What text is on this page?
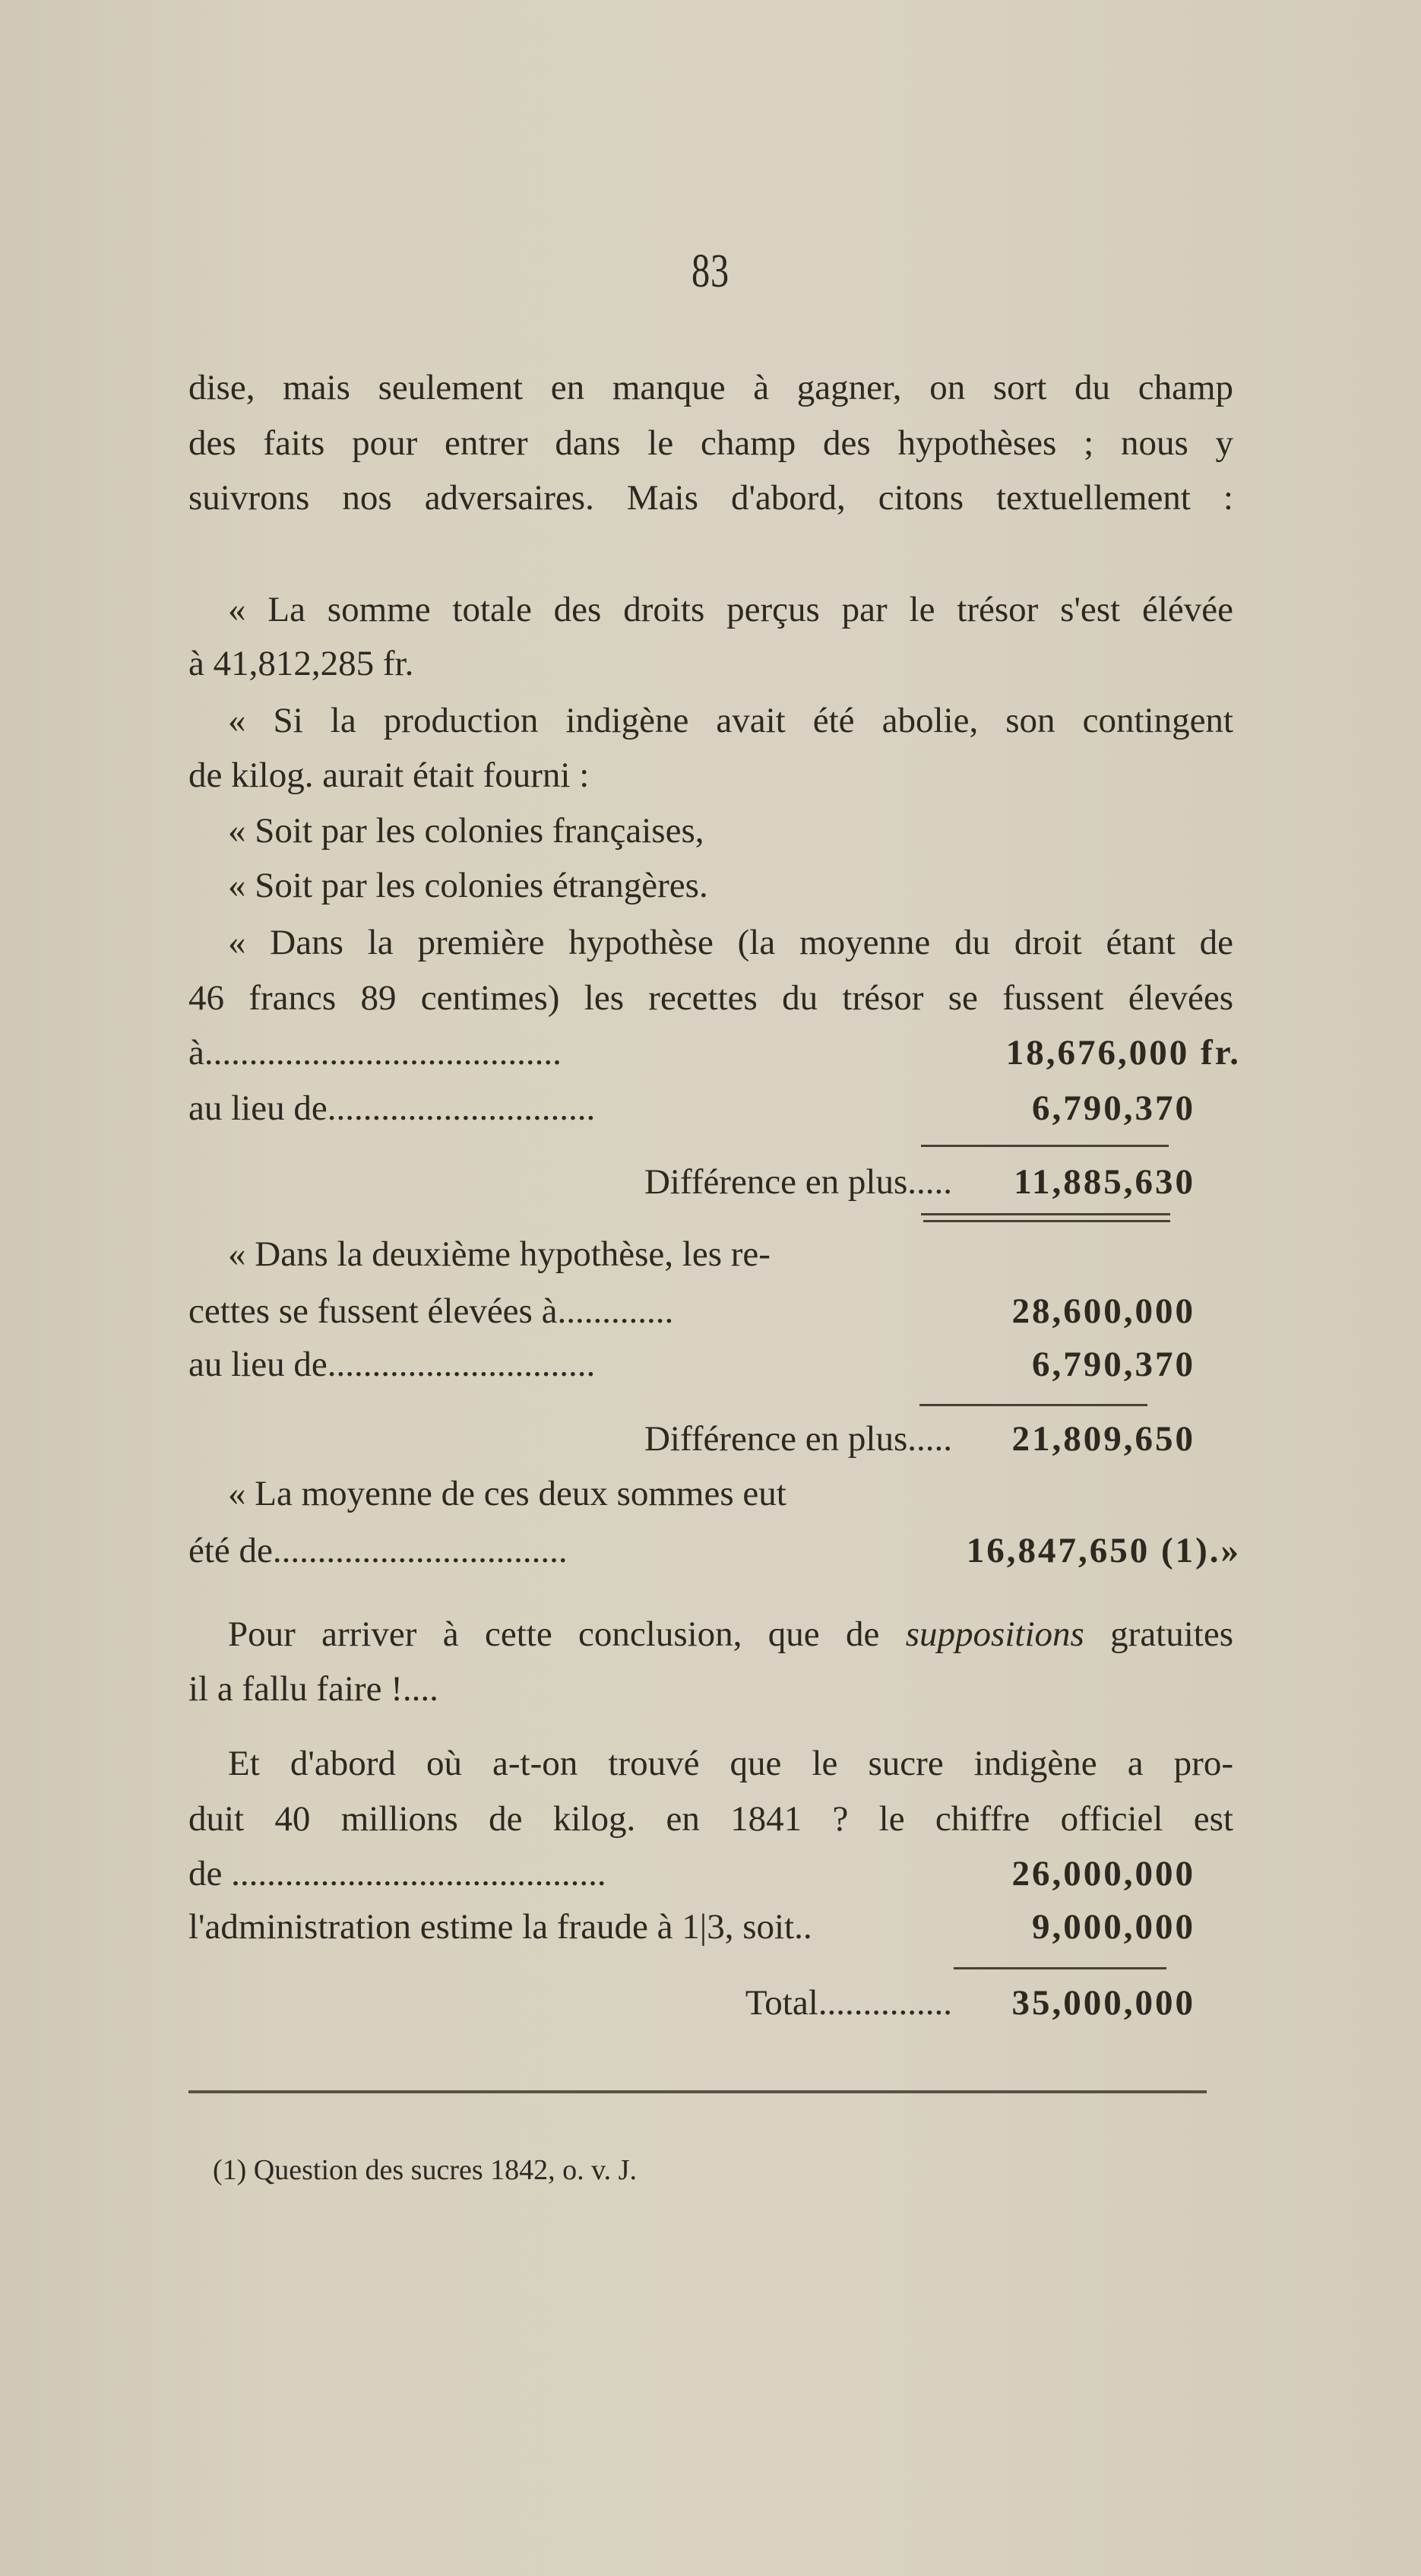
83
dise, mais seulement en manque à gagner, on sort du champ
des faits pour entrer dans le champ des hypothèses ; nous y
suivrons nos adversaires. Mais d'abord, citons textuellement :
« La somme totale des droits perçus par le trésor s'est élévée
à 41,812,285 fr.
« Si la production indigène avait été abolie, son contingent
de kilog. aurait était fourni :
« Soit par les colonies françaises,
« Soit par les colonies étrangères.
« Dans la première hypothèse (la moyenne du droit étant de
46 francs 89 centimes) les recettes du trésor se fussent élevées
à........................................	18,676,000 fr.
au lieu de..............................	6,790,370
Différence en plus.....	11,885,630
« Dans la deuxième hypothèse, les re-
cettes se fussent élevées à.............	28,600,000
au lieu de..............................	6,790,370
Différence en plus.....	21,809,650
« La moyenne de ces deux sommes eut
été de.................................	16,847,650 (1).»
Pour arriver à cette conclusion, que de suppositions gratuites
il a fallu faire !....
Et d'abord où a-t-on trouvé que le sucre indigène a pro-
duit 40 millions de kilog. en 1841 ? le chiffre officiel est
de ..........................................	26,000,000
l'administration estime la fraude à 1|3, soit..	9,000,000
Total...............	35,000,000
(1) Question des sucres 1842, o. v. J.
